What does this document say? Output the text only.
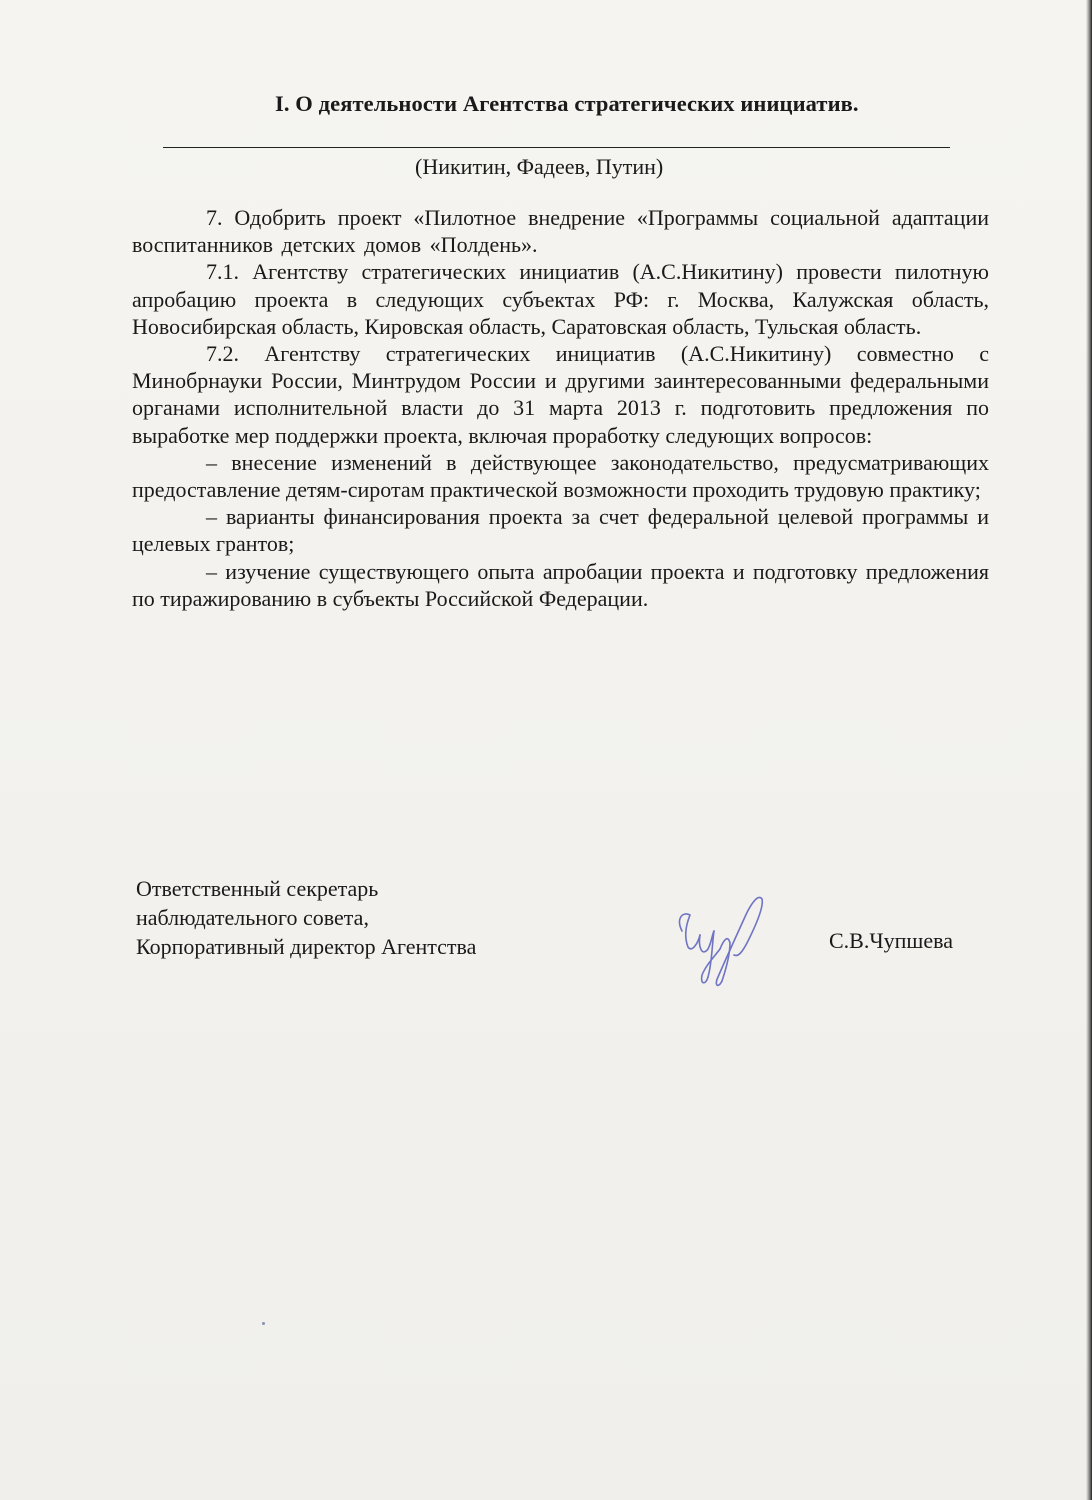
I. О деятельности Агентства стратегических инициатив.
(Никитин, Фадеев, Путин)

7. Одобрить проект «Пилотное внедрение «Программы социальной адаптации воспитанников детских домов «Полдень».

7.1. Агентству стратегических инициатив (А.С.Никитину) провести пилотную апробацию проекта в следующих субъектах РФ: г. Москва, Калужская область, Новосибирская область, Кировская область, Саратовская область, Тульская область.

7.2. Агентству стратегических инициатив (А.С.Никитину) совместно с Минобрнауки России, Минтрудом России и другими заинтересованными федеральными органами исполнительной власти до 31 марта 2013 г. подготовить предложения по выработке мер поддержки проекта, включая проработку следующих вопросов:

– внесение изменений в действующее законодательство, предусматривающих предоставление детям-сиротам практической возможности проходить трудовую практику;

– варианты финансирования проекта за счет федеральной целевой программы и целевых грантов;

– изучение существующего опыта апробации проекта и подготовку предложения по тиражированию в субъекты Российской Федерации.

Ответственный секретарь
наблюдательного совета,
Корпоративный директор Агентства	С.В.Чупшева
